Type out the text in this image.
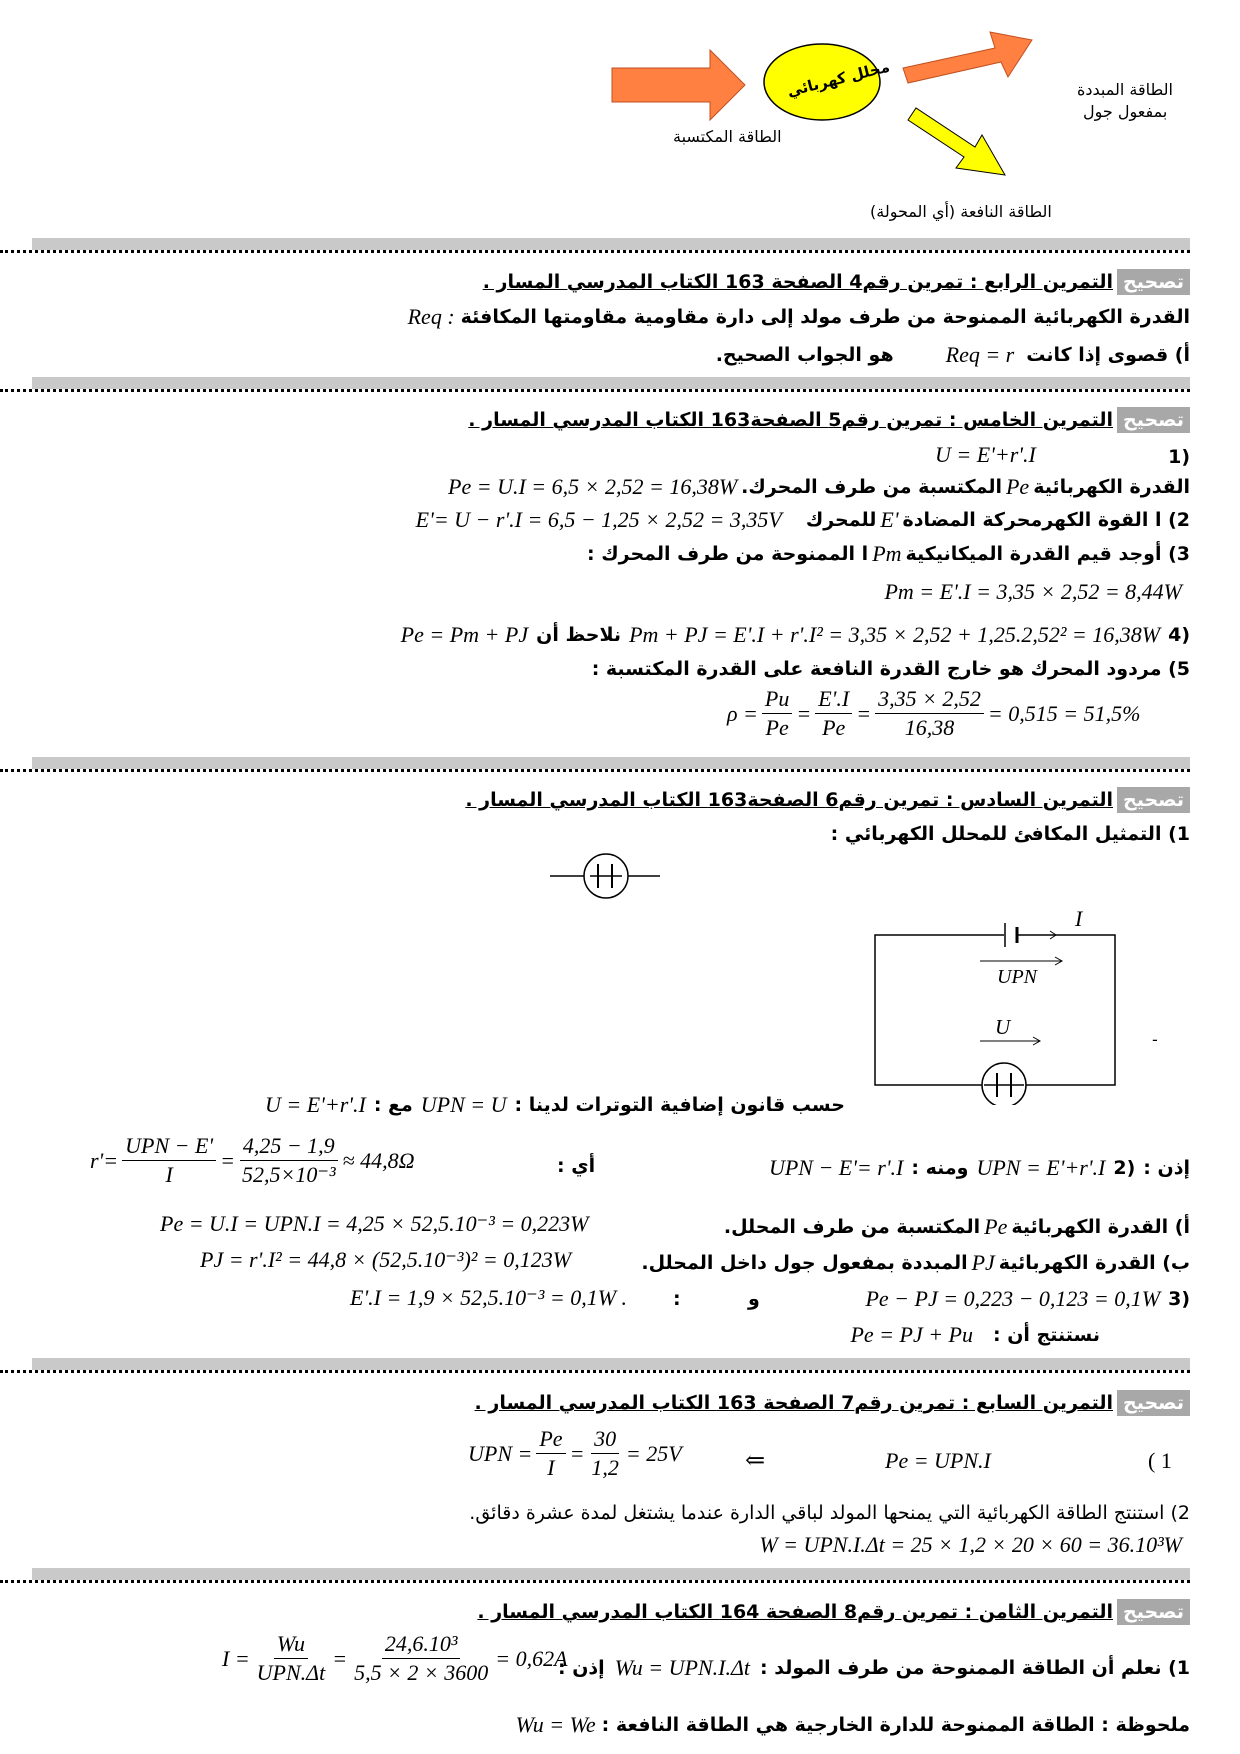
محلل كهربائي
الطاقة المكتسبة
الطاقة المبددة
بمفعول جول
الطاقة النافعة (أي المحولة)
تصحيح
التمرين الرابع : تمرين رقم4 الصفحة 163 الكتاب المدرسي المسار .
القدرة الكهربائية الممنوحة من طرف مولد إلى دارة مقاومية مقاومتها المكافئة
Req :
أ) قصوى إذا كانت
Req = r
هو الجواب الصحيح.
تصحيح
التمرين الخامس : تمرين رقم5 الصفحة163 الكتاب المدرسي المسار .
1)
U = E'+r'.I
القدرة الكهربائية
Pe
المكتسبة من طرف المحرك.
Pe = U.I = 6,5 × 2,52 = 16,38W
2) ا القوة الكهرمحركة المضادة
E'
للمحرك
E'= U − r'.I = 6,5 − 1,25 × 2,52 = 3,35V
3) أوجد قيم القدرة الميكانيكية
Pm
ا الممنوحة من طرف المحرك :
Pm = E'.I = 3,35 × 2,52 = 8,44W
4)
Pm + PJ = E'.I + r'.I² = 3,35 × 2,52 + 1,25.2,52² = 16,38W
نلاحظ أن
Pe = Pm + PJ
5) مردود المحرك هو خارج القدرة النافعة على القدرة المكتسبة :
$\rho = \frac{Pu}{Pe} = \frac{E'.I}{Pe} = \frac{3,35 \times 2,52}{16,38} = 0,515 = 51,5\%$
تصحيح
التمرين السادس : تمرين رقم6 الصفحة163 الكتاب المدرسي المسار .
1) التمثيل المكافئ للمحلل الكهربائي :
I
UPN
U
-
حسب قانون إضافية التوترات لدينا :
UPN = U
مع :
U = E'+r'.I
إذن :
2)
UPN = E'+r'.I
ومنه :
UPN − E'= r'.I
أي :
$r'= \frac{\text{UPN − E'}}{I} = \frac{4,25 - 1,9}{\text{52,5×10⁻³}} \approx 44,8\Omega$
أ) القدرة الكهربائية
Pe
المكتسبة من طرف المحلل.
Pe = U.I = UPN.I = 4,25 × 52,5.10⁻³ = 0,223W
ب) القدرة الكهربائية
PJ
المبددة بمفعول جول داخل المحلل.
PJ = r'.I² = 44,8 × (52,5.10⁻³)² = 0,123W
3)
Pe − PJ = 0,223 − 0,123 = 0,1W
و
:
E'.I = 1,9 × 52,5.10⁻³ = 0,1W .
نستنتج أن :
Pe = PJ + Pu
تصحيح
التمرين السابع : تمرين رقم7 الصفحة 163 الكتاب المدرسي المسار .
( 1
Pe = UPN.I
⇐
UPN = $\frac{Pe}{I} = \frac{30}{1,2} = 25V$
2) استنتج الطاقة الكهربائية التي يمنحها المولد لباقي الدارة عندما يشتغل لمدة عشرة دقائق.
W = UPN.I.Δt = 25 × 1,2 × 20 × 60 = 36.10³W
تصحيح
التمرين الثامن : تمرين رقم8 الصفحة 164 الكتاب المدرسي المسار .
1) نعلم أن الطاقة الممنوحة من طرف المولد :
Wu = UPN.I.Δt
إذن :
$I = \frac{Wu}{\text{UPN.Δt}} = \frac{\text{24,6.10³}}{5,5 \times 2 \times 3600} = 0,62A$
ملحوظة : الطاقة الممنوحة للدارة الخارجية هي الطاقة النافعة :
Wu = We
